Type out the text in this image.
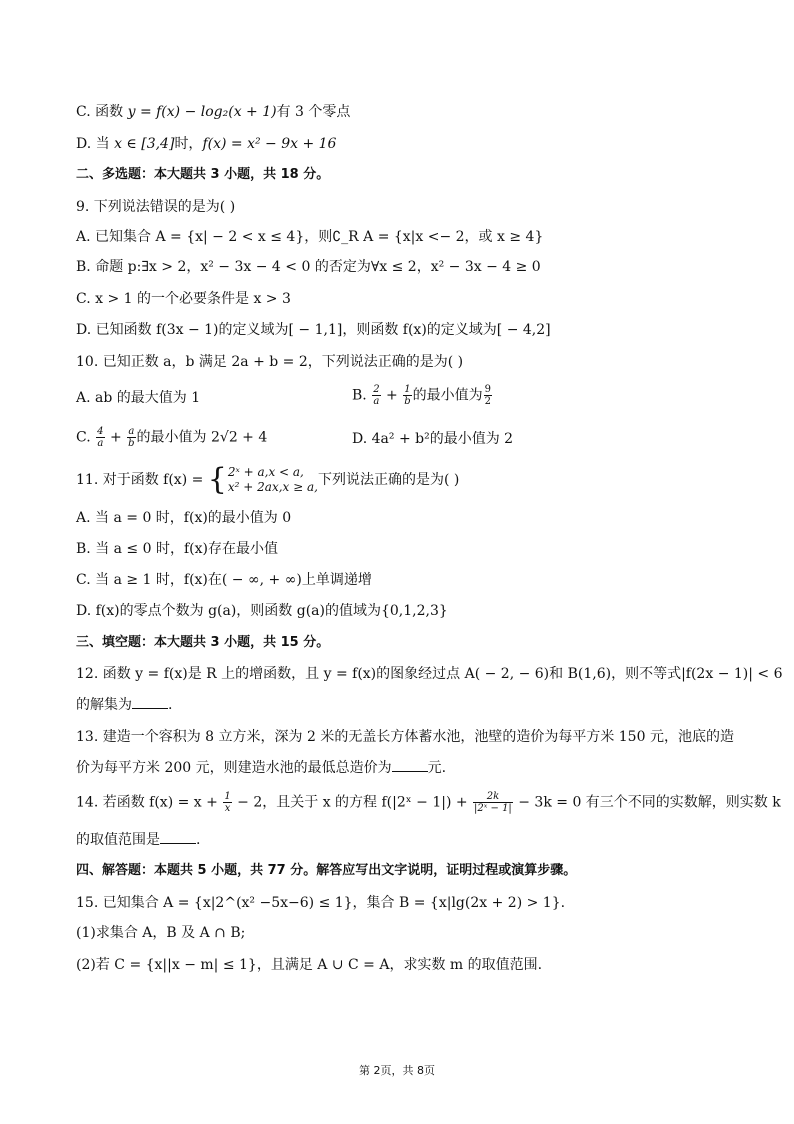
C. 函数 y = f(x) − log₂(x + 1)有 3 个零点
D. 当 x ∈ [3,4]时，f(x) = x² − 9x + 16
二、多选题：本大题共 3 小题，共 18 分。
9. 下列说法错误的是为( )
A. 已知集合 A = {x| − 2 < x ≤ 4}，则∁_R A = {x|x <− 2，或 x ≥ 4}
B. 命题 p:∃x > 2，x² − 3x − 4 < 0 的否定为∀x ≤ 2，x² − 3x − 4 ≥ 0
C. x > 1 的一个必要条件是 x > 3
D. 已知函数 f(3x − 1)的定义域为[ − 1,1]，则函数 f(x)的定义域为[ − 4,2]
10. 已知正数 a，b 满足 2a + b = 2，下列说法正确的是为( )
A. ab 的最大值为 1	B. $\frac{2}{a} + \frac{1}{b}$ 的最小值为 $\frac{9}{2}$
C. $\frac{4}{a} + \frac{a}{b}$ 的最小值为 2√2 + 4	D. 4a² + b²的最小值为 2
11. 对于函数 f(x) = { 2ˣ + a,x < a,
x² + 2ax,x ≥ a, 下列说法正确的是为( )
A. 当 a = 0 时，f(x)的最小值为 0
B. 当 a ≤ 0 时，f(x)存在最小值
C. 当 a ≥ 1 时，f(x)在( − ∞, + ∞)上单调递增
D. f(x)的零点个数为 g(a)，则函数 g(a)的值域为{0,1,2,3}
三、填空题：本大题共 3 小题，共 15 分。
12. 函数 y = f(x)是 R 上的增函数，且 y = f(x)的图象经过点 A( − 2, − 6)和 B(1,6)，则不等式|f(2x − 1)| < 6
的解集为	.
13. 建造一个容积为 8 立方米，深为 2 米的无盖长方体蓄水池，池壁的造价为每平方米 150 元，池底的造
价为每平方米 200 元，则建造水池的最低总造价为	元.
14. 若函数 $f(x) = x + \frac{1}{x} - 2$，且关于 x 的方程 f(|2ˣ − $1|) + \frac{2k}{\text{|2ˣ − 1|}} - 3k = 0$ 有三个不同的实数解，则实数 k
的取值范围是	.
四、解答题：本题共 5 小题，共 77 分。解答应写出文字说明，证明过程或演算步骤。
15. 已知集合 A = {x|2^(x² −5x−6) ≤ 1}，集合 B = {x|lg(2x + 2) > 1}.
(1)求集合 A，B 及 A ∩ B;
(2)若 C = {x||x − m| ≤ 1}，且满足 A ∪ C = A，求实数 m 的取值范围.
第 2页，共 8页
